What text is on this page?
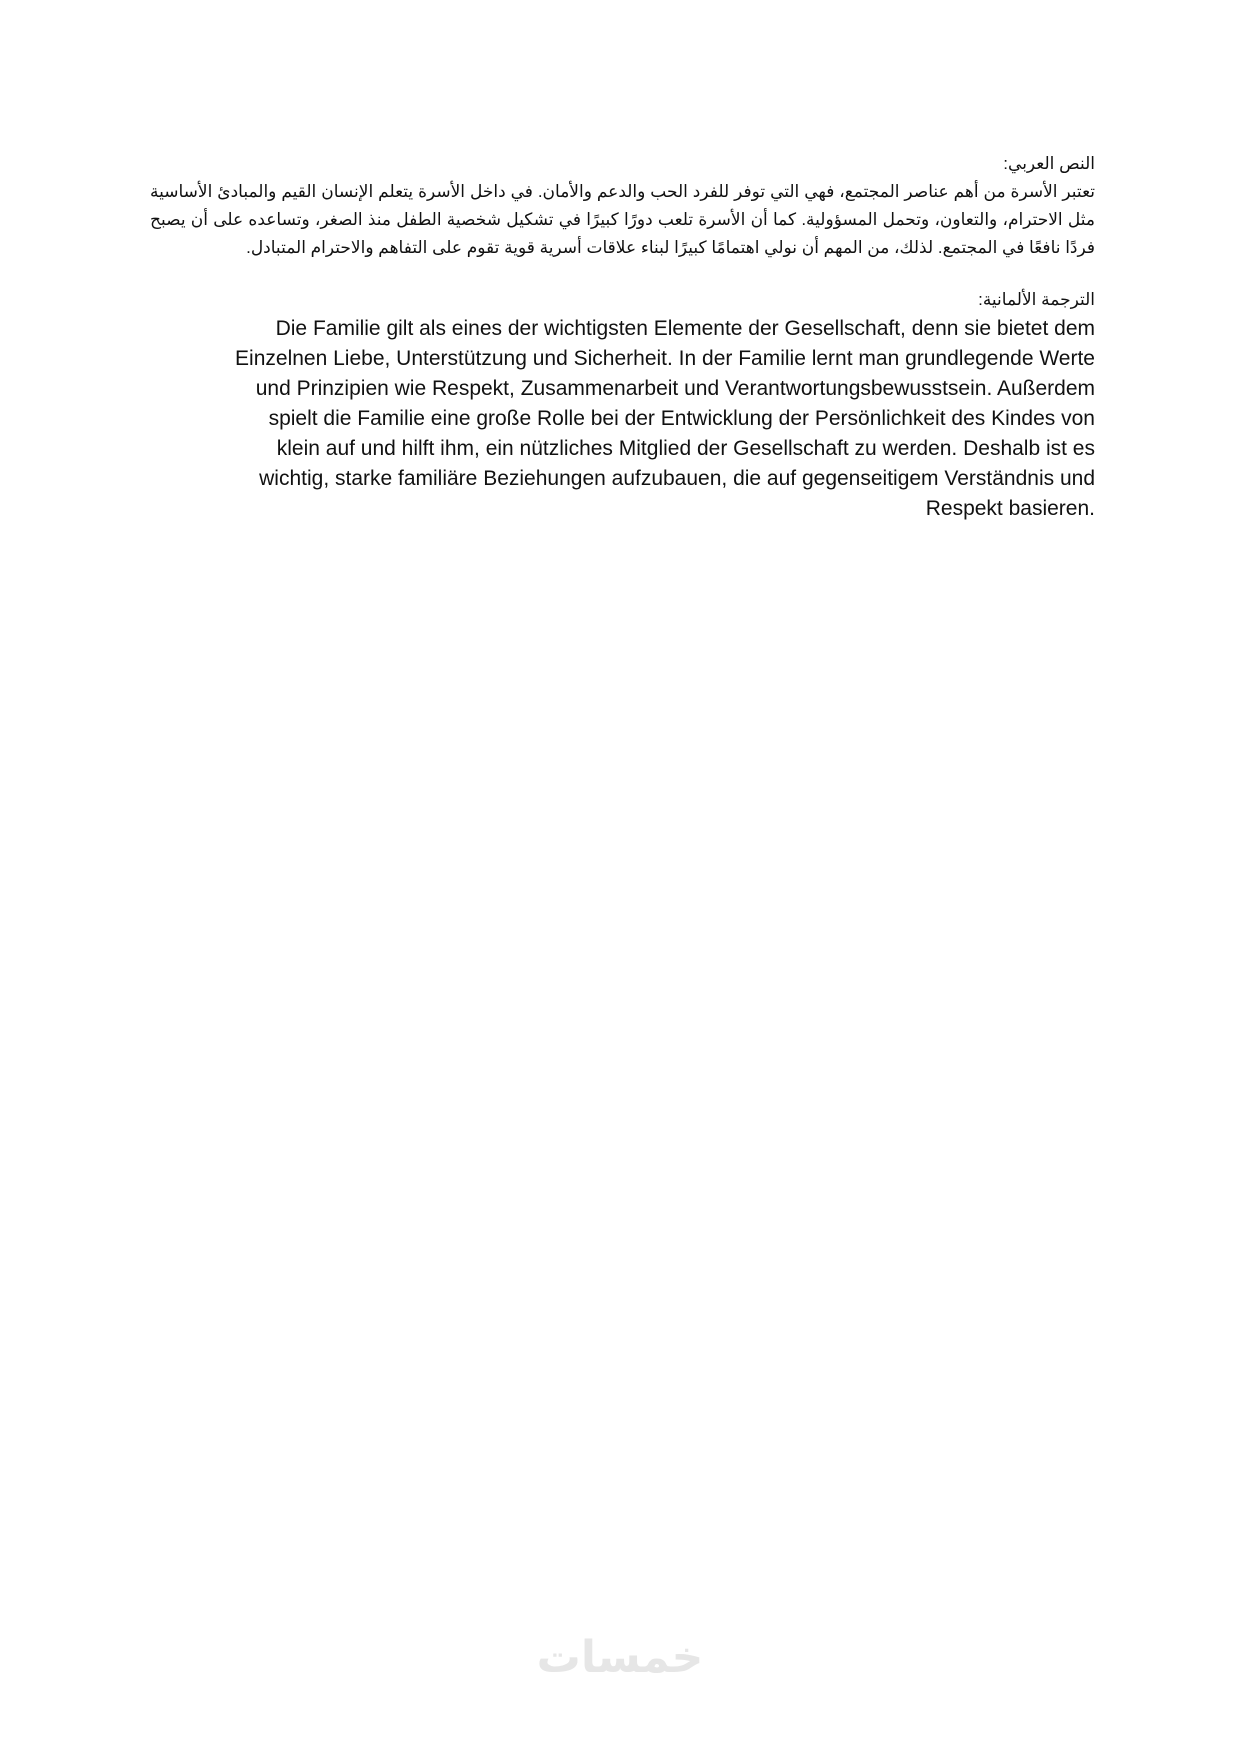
النص العربي:

تعتبر الأسرة من أهم عناصر المجتمع، فهي التي توفر للفرد الحب والدعم والأمان. في داخل الأسرة يتعلم الإنسان القيم والمبادئ الأساسية مثل الاحترام، والتعاون، وتحمل المسؤولية. كما أن الأسرة تلعب دورًا كبيرًا في تشكيل شخصية الطفل منذ الصغر، وتساعده على أن يصبح فردًا نافعًا في المجتمع. لذلك، من المهم أن نولي اهتمامًا كبيرًا لبناء علاقات أسرية قوية تقوم على التفاهم والاحترام المتبادل.

الترجمة الألمانية:

Die Familie gilt als eines der wichtigsten Elemente der Gesellschaft, denn sie bietet dem
Einzelnen Liebe, Unterstützung und Sicherheit. In der Familie lernt man grundlegende Werte
und Prinzipien wie Respekt, Zusammenarbeit und Verantwortungsbewusstsein. Außerdem
spielt die Familie eine große Rolle bei der Entwicklung der Persönlichkeit des Kindes von
klein auf und hilft ihm, ein nützliches Mitglied der Gesellschaft zu werden. Deshalb ist es
wichtig, starke familiäre Beziehungen aufzubauen, die auf gegenseitigem Verständnis und
.Respekt basieren
خمسات
